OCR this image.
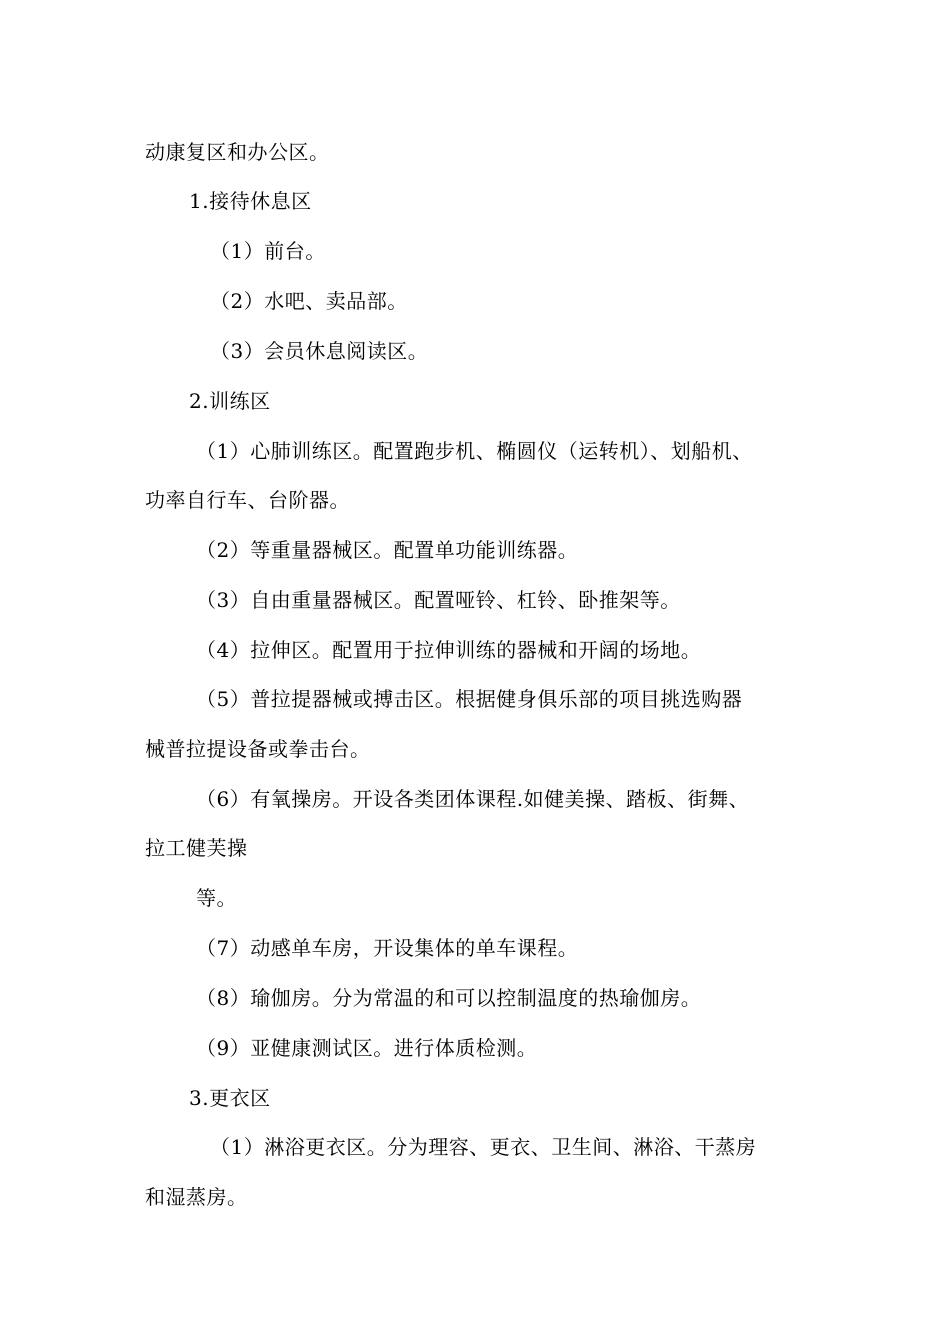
动康复区和办公区。
1.接待休息区
（1）前台。
（2）水吧、卖品部。
（3）会员休息阅读区。
2.训练区
（1）心肺训练区。配置跑步机、椭圆仪（运转机）、划船机、
功率自行车、台阶器。
（2）等重量器械区。配置单功能训练器。
（3）自由重量器械区。配置哑铃、杠铃、卧推架等。
（4）拉伸区。配置用于拉伸训练的器械和开阔的场地。
（5）普拉提器械或搏击区。根据健身俱乐部的项目挑选购器
械普拉提设备或拳击台。
（6）有氧操房。开设各类团体课程.如健美操、踏板、街舞、
拉工健芙操
等。
（7）动感单车房，开设集体的单车课程。
（8）瑜伽房。分为常温的和可以控制温度的热瑜伽房。
（9）亚健康测试区。进行体质检测。
3.更衣区
（1）淋浴更衣区。分为理容、更衣、卫生间、淋浴、干蒸房
和湿蒸房。
